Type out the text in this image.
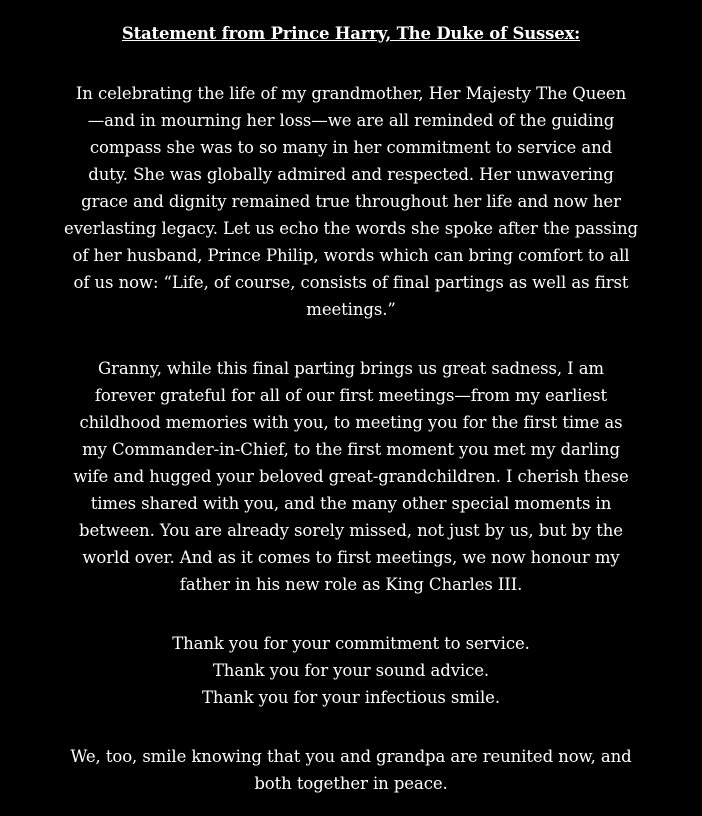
Statement from Prince Harry, The Duke of Sussex:

In celebrating the life of my grandmother, Her Majesty The Queen
—and in mourning her loss—we are all reminded of the guiding
compass she was to so many in her commitment to service and
duty. She was globally admired and respected. Her unwavering
grace and dignity remained true throughout her life and now her
everlasting legacy. Let us echo the words she spoke after the passing
of her husband, Prince Philip, words which can bring comfort to all
of us now: “Life, of course, consists of final partings as well as first
meetings.”

Granny, while this final parting brings us great sadness, I am
forever grateful for all of our first meetings—from my earliest
childhood memories with you, to meeting you for the first time as
my Commander-in-Chief, to the first moment you met my darling
wife and hugged your beloved great-grandchildren. I cherish these
times shared with you, and the many other special moments in
between. You are already sorely missed, not just by us, but by the
world over. And as it comes to first meetings, we now honour my
father in his new role as King Charles III.

Thank you for your commitment to service.
Thank you for your sound advice.
Thank you for your infectious smile.

We, too, smile knowing that you and grandpa are reunited now, and
both together in peace.
